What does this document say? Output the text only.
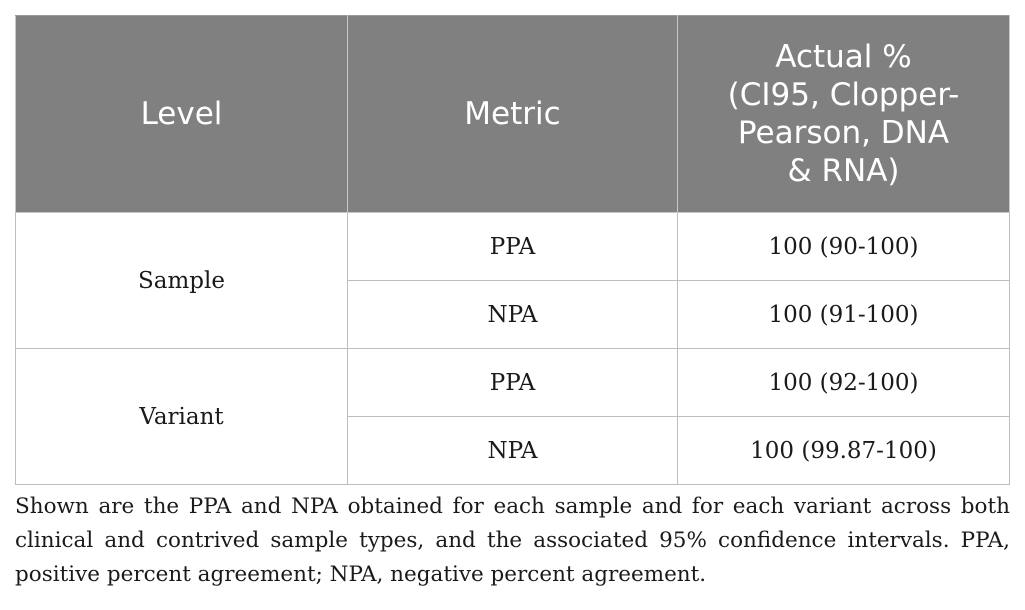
Level	Metric	Actual %
(CI95, Clopper-
Pearson, DNA
& RNA)
Sample	PPA	100 (90-100)
	NPA	100 (91-100)
Variant	PPA	100 (92-100)
	NPA	100 (99.87-100)

Shown are the PPA and NPA obtained for each sample and for each variant across both clinical and contrived sample types, and the associated 95% confidence intervals. PPA, positive percent agreement; NPA, negative percent agreement.
